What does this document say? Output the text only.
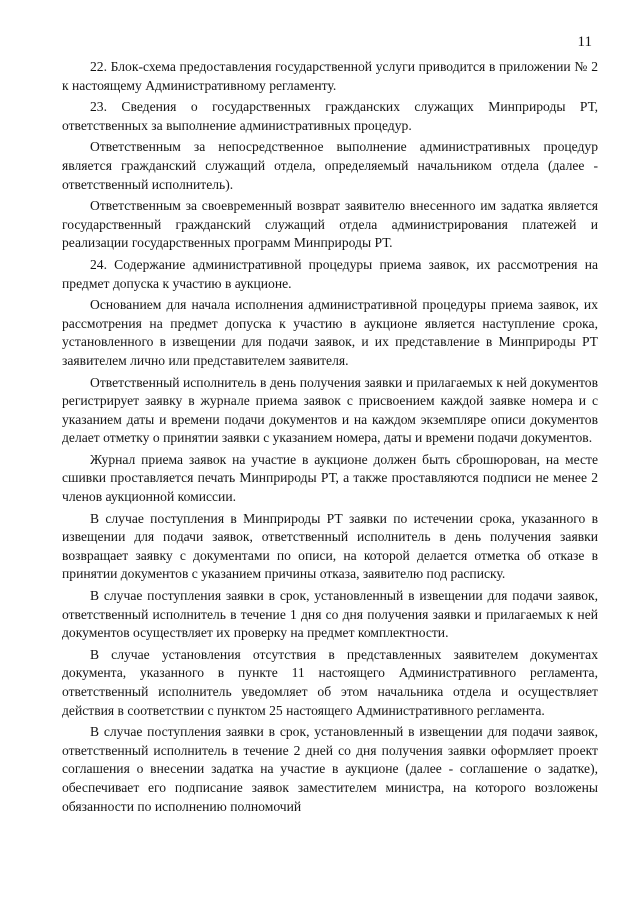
11

22. Блок-схема предоставления государственной услуги приводится в приложении № 2 к настоящему Административному регламенту.

23. Сведения о государственных гражданских служащих Минприроды РТ, ответственных за выполнение административных процедур.

Ответственным за непосредственное выполнение административных процедур является гражданский служащий отдела, определяемый начальником отдела (далее - ответственный исполнитель).

Ответственным за своевременный возврат заявителю внесенного им задатка является государственный гражданский служащий отдела администрирования платежей и реализации государственных программ Минприроды РТ.

24. Содержание административной процедуры приема заявок, их рассмотрения на предмет допуска к участию в аукционе.

Основанием для начала исполнения административной процедуры приема заявок, их рассмотрения на предмет допуска к участию в аукционе является наступление срока, установленного в извещении для подачи заявок, и их представление в Минприроды РТ заявителем лично или представителем заявителя.

Ответственный исполнитель в день получения заявки и прилагаемых к ней документов регистрирует заявку в журнале приема заявок с присвоением каждой заявке номера и с указанием даты и времени подачи документов и на каждом экземпляре описи документов делает отметку о принятии заявки с указанием номера, даты и времени подачи документов.

Журнал приема заявок на участие в аукционе должен быть сброшюрован, на месте сшивки проставляется печать Минприроды РТ, а также проставляются подписи не менее 2 членов аукционной комиссии.

В случае поступления в Минприроды РТ заявки по истечении срока, указанного в извещении для подачи заявок, ответственный исполнитель в день получения заявки возвращает заявку с документами по описи, на которой делается отметка об отказе в принятии документов с указанием причины отказа, заявителю под расписку.

В случае поступления заявки в срок, установленный в извещении для подачи заявок, ответственный исполнитель в течение 1 дня со дня получения заявки и прилагаемых к ней документов осуществляет их проверку на предмет комплектности.

В случае установления отсутствия в представленных заявителем документах документа, указанного в пункте 11 настоящего Административного регламента, ответственный исполнитель уведомляет об этом начальника отдела и осуществляет действия в соответствии с пунктом 25 настоящего Административного регламента.

В случае поступления заявки в срок, установленный в извещении для подачи заявок, ответственный исполнитель в течение 2 дней со дня получения заявки оформляет проект соглашения о внесении задатка на участие в аукционе (далее - соглашение о задатке), обеспечивает его подписание заявок заместителем министра, на которого возложены обязанности по исполнению полномочий
